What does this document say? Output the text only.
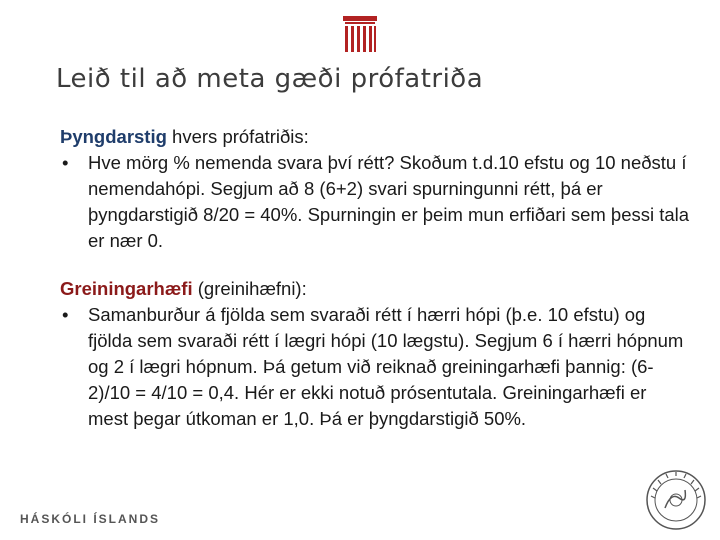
Leið til að meta gæði prófatriða

Þyngdarstig hvers prófatriðis:

• Hve mörg % nemenda svara því rétt? Skoðum t.d.10 efstu og 10 neðstu í nemendahópi. Segjum að 8 (6+2) svari spurningunni rétt, þá er þyngdarstigið 8/20 = 40%. Spurningin er þeim mun erfiðari sem þessi tala er nær 0.

Greiningarhæfi (greinihæfni):

• Samanburður á fjölda sem svaraði rétt í hærri hópi (þ.e. 10 efstu) og fjölda sem svaraði rétt í lægri hópi (10 lægstu). Segjum 6 í hærri hópnum og 2 í lægri hópnum. Þá getum við reiknað greiningarhæfi þannig: (6-2)/10 = 4/10 = 0,4. Hér er ekki notuð prósentutala. Greiningarhæfi er mest þegar útkoman er 1,0. Þá er þyngdarstigið 50%.

HÁSKÓLI ÍSLANDS
